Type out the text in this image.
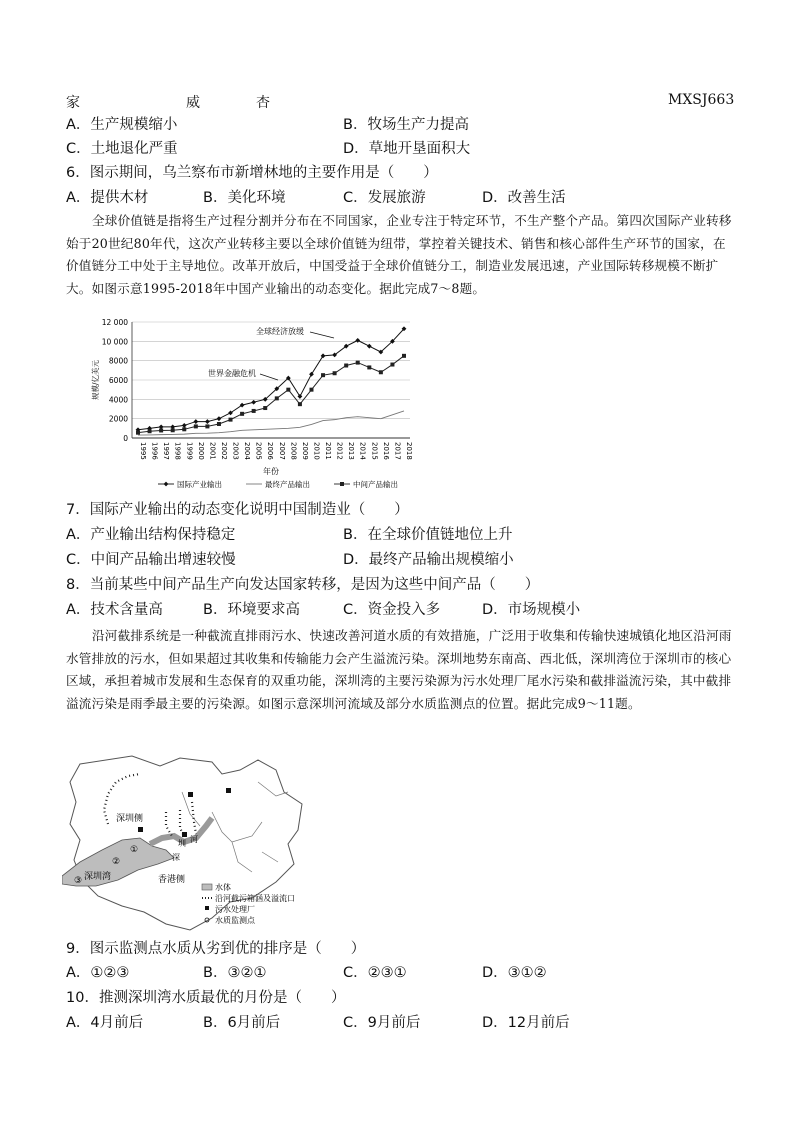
家	威	杏	MXSJ663
A．生产规模缩小	B．牧场生产力提高
C．土地退化严重	D．草地开垦面积大
6．图示期间，乌兰察布市新增林地的主要作用是（　　）
A．提供木材	B．美化环境	C．发展旅游	D．改善生活
全球价值链是指将生产过程分割并分布在不同国家，企业专注于特定环节，不生产整个产品。第四次国际产业转移始于20世纪80年代，这次产业转移主要以全球价值链为纽带，掌控着关键技术、销售和核心部件生产环节的国家，在价值链分工中处于主导地位。改革开放后，中国受益于全球价值链分工，制造业发展迅速，产业国际转移规模不断扩大。如图示意1995-2018年中国产业输出的动态变化。据此完成7～8题。
0
2000
4000
6000
8000
10 000
12 000
1995 1996 1997 1998 1999 2000 2001 2002 2003 2004 2005 2006 2007 2008 2009 2010 2011 2012 2013 2014 2015 2016 2017 2018
年份
规模/亿美元
全球经济放缓
世界金融危机
国际产业输出	最终产品输出	中间产品输出
7．国际产业输出的动态变化说明中国制造业（　　）
A．产业输出结构保持稳定	B．在全球价值链地位上升
C．中间产品输出增速较慢	D．最终产品输出规模缩小
8．当前某些中间产品生产向发达国家转移，是因为这些中间产品（　　）
A．技术含量高	B．环境要求高	C．资金投入多	D．市场规模小
沿河截排系统是一种截流直排雨污水、快速改善河道水质的有效措施，广泛用于收集和传输快速城镇化地区沿河雨水管排放的污水，但如果超过其收集和传输能力会产生溢流污染。深圳地势东南高、西北低，深圳湾位于深圳市的核心区域，承担着城市发展和生态保育的双重功能，深圳湾的主要污染源为污水处理厂尾水污染和截排溢流污染，其中截排溢流污染是雨季最主要的污染源。如图示意深圳河流域及部分水质监测点的位置。据此完成9～11题。
深圳侧
香港侧
深圳湾
深
圳 河
①
②
③
水体
沿河截污箱涵及溢流口
污水处理厂
水质监测点
9．图示监测点水质从劣到优的排序是（　　）
A．①②③	B．③②①	C．②③①	D．③①②
10．推测深圳湾水质最优的月份是（　　）
A．4月前后	B．6月前后	C．9月前后	D．12月前后
